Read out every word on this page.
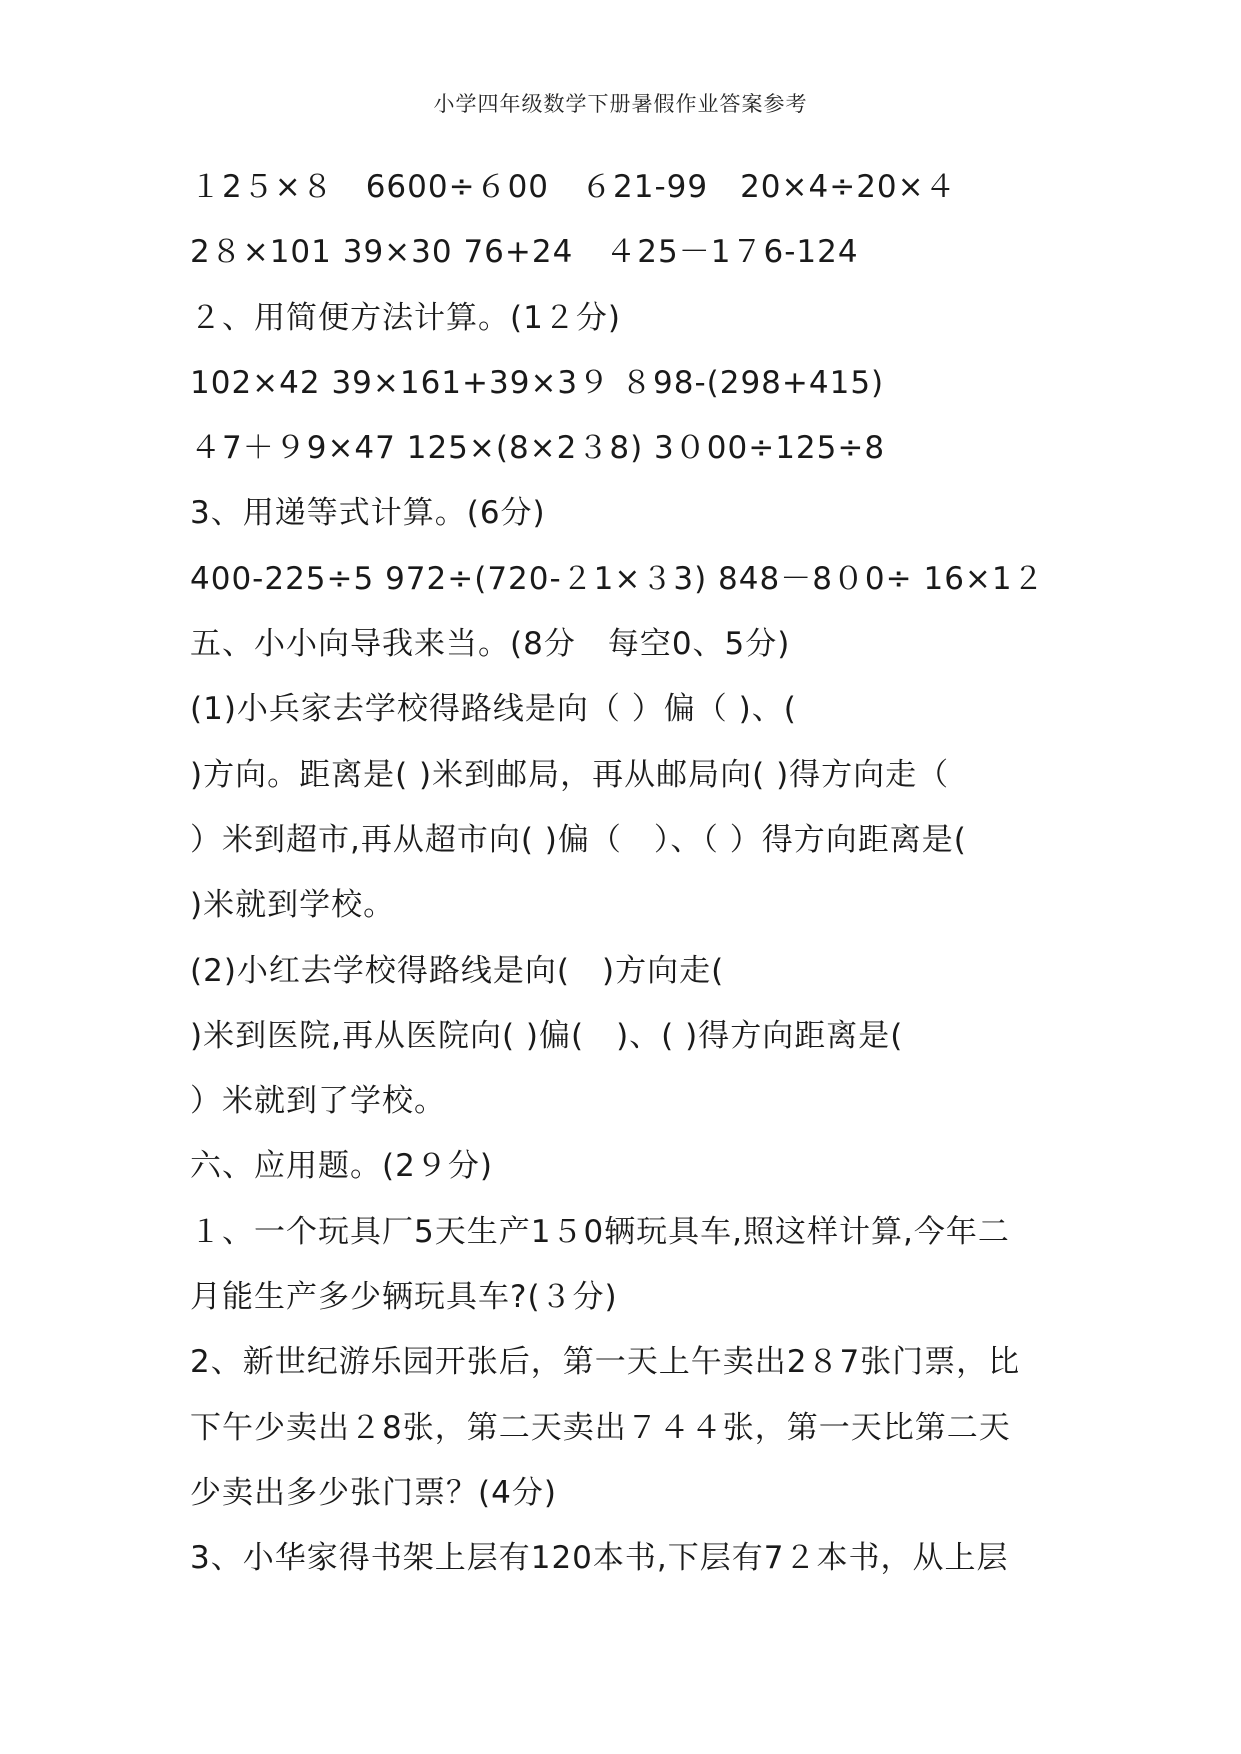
小学四年级数学下册暑假作业答案参考
１2５×８　6600÷６00　６21-99　20×4÷20×４
2８×101 39×30 76+24　４25－1７6-124
２、用简便方法计算。(1２分)
102×42 39×161+39×3９ ８98-(298+415)
４7＋９9×47 125×(8×2３8) 3０00÷125÷8
3、用递等式计算。(6分)
400-225÷5 972÷(720-２1×３3) 848－8０0÷ 16×1２
五、小小向导我来当。(8分　每空0、5分)
(1)小兵家去学校得路线是向（ ）偏（ )、(
)方向。距离是( )米到邮局，再从邮局向( )得方向走（
）米到超市,再从超市向( )偏（　）、（ ）得方向距离是(
)米就到学校。
(2)小红去学校得路线是向(　)方向走(
)米到医院,再从医院向( )偏(　)、( )得方向距离是(
）米就到了学校。
六、应用题。(2９分)
１、一个玩具厂5天生产1５0辆玩具车,照这样计算,今年二
月能生产多少辆玩具车?(３分)
2、新世纪游乐园开张后，第一天上午卖出2８7张门票，比
下午少卖出２8张，第二天卖出７４４张，第一天比第二天
少卖出多少张门票？(4分)
3、小华家得书架上层有120本书,下层有7２本书，从上层
